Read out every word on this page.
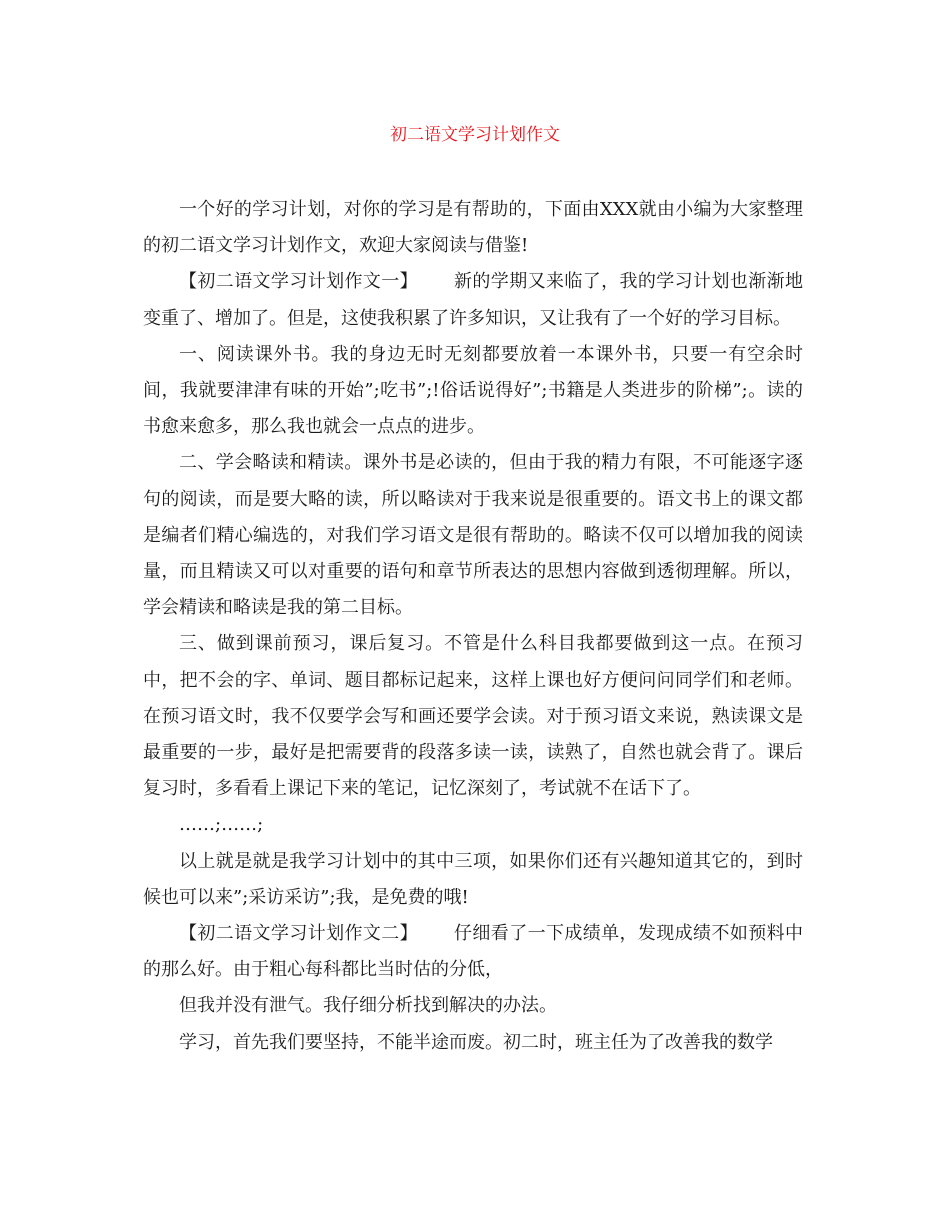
初二语文学习计划作文

一个好的学习计划，对你的学习是有帮助的，下面由XXX就由小编为大家整理的初二语文学习计划作文，欢迎大家阅读与借鉴!

【初二语文学习计划作文一】 新的学期又来临了，我的学习计划也渐渐地变重了、增加了。但是，这使我积累了许多知识，又让我有了一个好的学习目标。

一、阅读课外书。我的身边无时无刻都要放着一本课外书，只要一有空余时间，我就要津津有味的开始”;吃书”;!俗话说得好”;书籍是人类进步的阶梯”;。读的书愈来愈多，那么我也就会一点点的进步。

二、学会略读和精读。课外书是必读的，但由于我的精力有限，不可能逐字逐句的阅读，而是要大略的读，所以略读对于我来说是很重要的。语文书上的课文都是编者们精心编选的，对我们学习语文是很有帮助的。略读不仅可以增加我的阅读量，而且精读又可以对重要的语句和章节所表达的思想内容做到透彻理解。所以，学会精读和略读是我的第二目标。

三、做到课前预习，课后复习。不管是什么科目我都要做到这一点。在预习中，把不会的字、单词、题目都标记起来，这样上课也好方便问问同学们和老师。在预习语文时，我不仅要学会写和画还要学会读。对于预习语文来说，熟读课文是最重要的一步，最好是把需要背的段落多读一读，读熟了，自然也就会背了。课后复习时，多看看上课记下来的笔记，记忆深刻了，考试就不在话下了。

……;……;

以上就是就是我学习计划中的其中三项，如果你们还有兴趣知道其它的，到时候也可以来”;采访采访”;我，是免费的哦!

【初二语文学习计划作文二】 仔细看了一下成绩单，发现成绩不如预料中的那么好。由于粗心每科都比当时估的分低，

但我并没有泄气。我仔细分析找到解决的办法。

学习，首先我们要坚持，不能半途而废。初二时，班主任为了改善我的数学
